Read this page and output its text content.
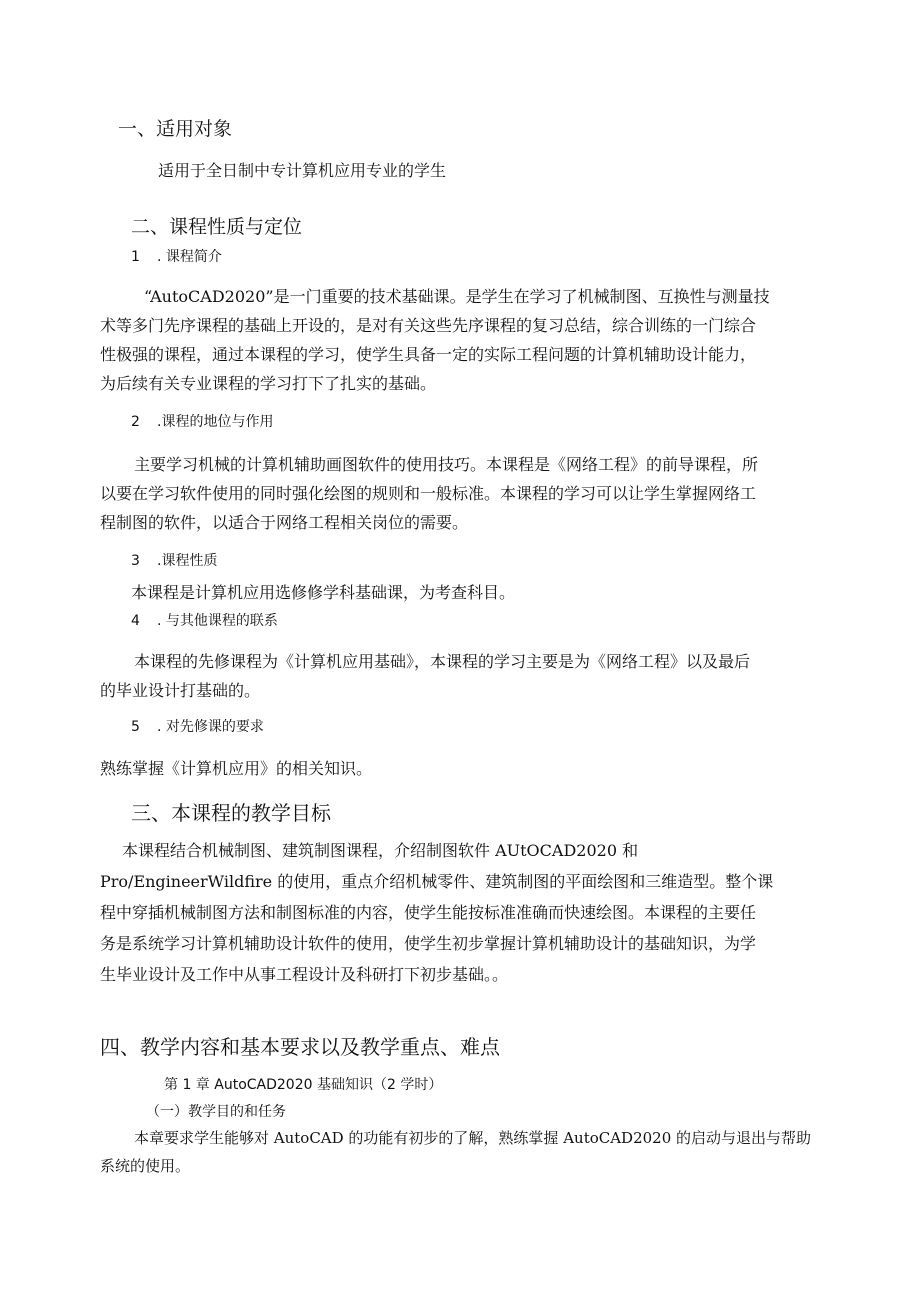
一、适用对象
适用于全日制中专计算机应用专业的学生
二、课程性质与定位
1 . 课程简介
“AutoCAD2020”是一门重要的技术基础课。是学生在学习了机械制图、互换性与测量技
术等多门先序课程的基础上开设的，是对有关这些先序课程的复习总结，综合训练的一门综合
性极强的课程，通过本课程的学习，使学生具备一定的实际工程问题的计算机辅助设计能力，
为后续有关专业课程的学习打下了扎实的基础。
2 .课程的地位与作用
主要学习机械的计算机辅助画图软件的使用技巧。本课程是《网络工程》的前导课程，所
以要在学习软件使用的同时强化绘图的规则和一般标准。本课程的学习可以让学生掌握网络工
程制图的软件，以适合于网络工程相关岗位的需要。
3 .课程性质
本课程是计算机应用选修修学科基础课，为考查科目。
4 . 与其他课程的联系
本课程的先修课程为《计算机应用基础》，本课程的学习主要是为《网络工程》以及最后
的毕业设计打基础的。
5 . 对先修课的要求
熟练掌握《计算机应用》的相关知识。
三、本课程的教学目标
本课程结合机械制图、建筑制图课程，介绍制图软件 AUtOCAD2020 和
Pro/EngineerWildfire 的使用，重点介绍机械零件、建筑制图的平面绘图和三维造型。整个课
程中穿插机械制图方法和制图标准的内容，使学生能按标准准确而快速绘图。本课程的主要任
务是系统学习计算机辅助设计软件的使用，使学生初步掌握计算机辅助设计的基础知识，为学
生毕业设计及工作中从事工程设计及科研打下初步基础。。
四、教学内容和基本要求以及教学重点、难点
第 1 章 AutoCAD2020 基础知识（2 学时）
（一）教学目的和任务
本章要求学生能够对 AutoCAD 的功能有初步的了解，熟练掌握 AutoCAD2020 的启动与退出与帮助
系统的使用。
